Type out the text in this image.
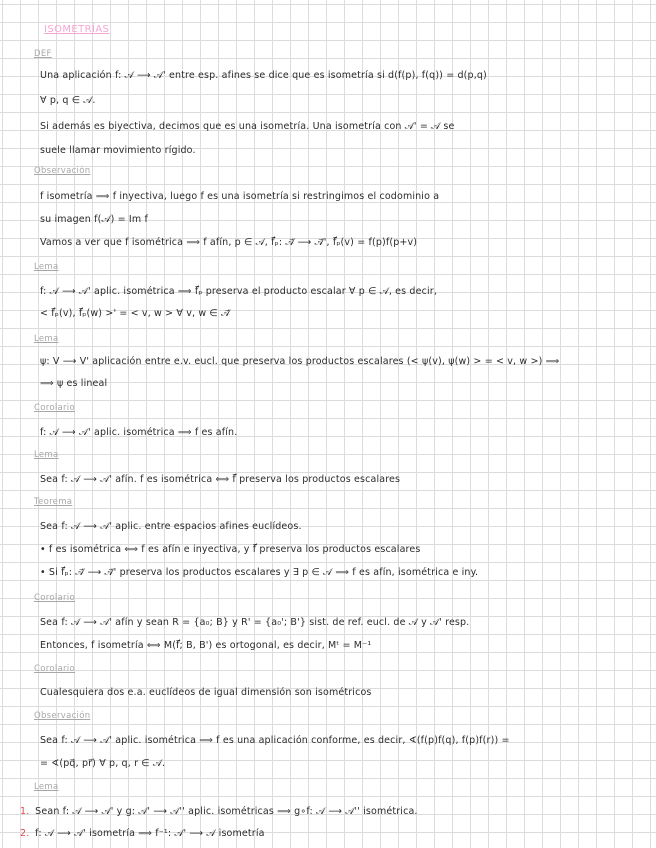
ISOMETRÍAS
DEF
Una aplicación f: 𝒜 ⟶ 𝒜' entre esp. afines se dice que es isometría si d(f(p), f(q)) = d(p,q)
∀ p, q ∈ 𝒜.
Si además es biyectiva, decimos que es una isometría. Una isometría con 𝒜' = 𝒜 se
suele llamar movimiento rígido.
Observación
f isometría ⟹ f inyectiva, luego f es una isometría si restringimos el codominio a
su imagen f(𝒜) = Im f
Vamos a ver que f isométrica ⟹ f afín, p ∈ 𝒜, f⃗ₚ: 𝒜⃗ ⟶ 𝒜⃗', f⃗ₚ(v) = f(p)f(p+v)
Lema
f: 𝒜 ⟶ 𝒜' aplic. isométrica ⟹ f⃗ₚ preserva el producto escalar ∀ p ∈ 𝒜, es decir,
< f⃗ₚ(v), f⃗ₚ(w) >' = < v, w > ∀ v, w ∈ 𝒜⃗
Lema
ψ: V ⟶ V' aplicación entre e.v. eucl. que preserva los productos escalares (< ψ(v), ψ(w) > = < v, w >) ⟹
⟹ ψ es lineal
Corolario
f: 𝒜 ⟶ 𝒜' aplic. isométrica ⟹ f es afín.
Lema
Sea f: 𝒜 ⟶ 𝒜' afín. f es isométrica ⟺ f⃗ preserva los productos escalares
Teorema
Sea f: 𝒜 ⟶ 𝒜' aplic. entre espacios afines euclídeos.
• f es isométrica ⟺ f es afín e inyectiva, y f⃗ preserva los productos escalares
• Si f⃗ₚ: 𝒜⃗ ⟶ 𝒜⃗' preserva los productos escalares y ∃ p ∈ 𝒜 ⟹ f es afín, isométrica e iny.
Corolario
Sea f: 𝒜 ⟶ 𝒜' afín y sean R = {a₀; B} y R' = {a₀'; B'} sist. de ref. eucl. de 𝒜 y 𝒜' resp.
Entonces, f isometría ⟺ M(f⃗; B, B') es ortogonal, es decir, Mᵗ = M⁻¹
Corolario
Cualesquiera dos e.a. euclídeos de igual dimensión son isométricos
Observación
Sea f: 𝒜 ⟶ 𝒜' aplic. isométrica ⟹ f es una aplicación conforme, es decir, ∢(f(p)f(q), f(p)f(r)) =
= ∢(pq⃗, pr⃗) ∀ p, q, r ∈ 𝒜.
Lema
1. Sean f: 𝒜 ⟶ 𝒜' y g: 𝒜' ⟶ 𝒜'' aplic. isométricas ⟹ g∘f: 𝒜 ⟶ 𝒜'' isométrica.
2. f: 𝒜 ⟶ 𝒜' isometría ⟹ f⁻¹: 𝒜' ⟶ 𝒜 isometría
